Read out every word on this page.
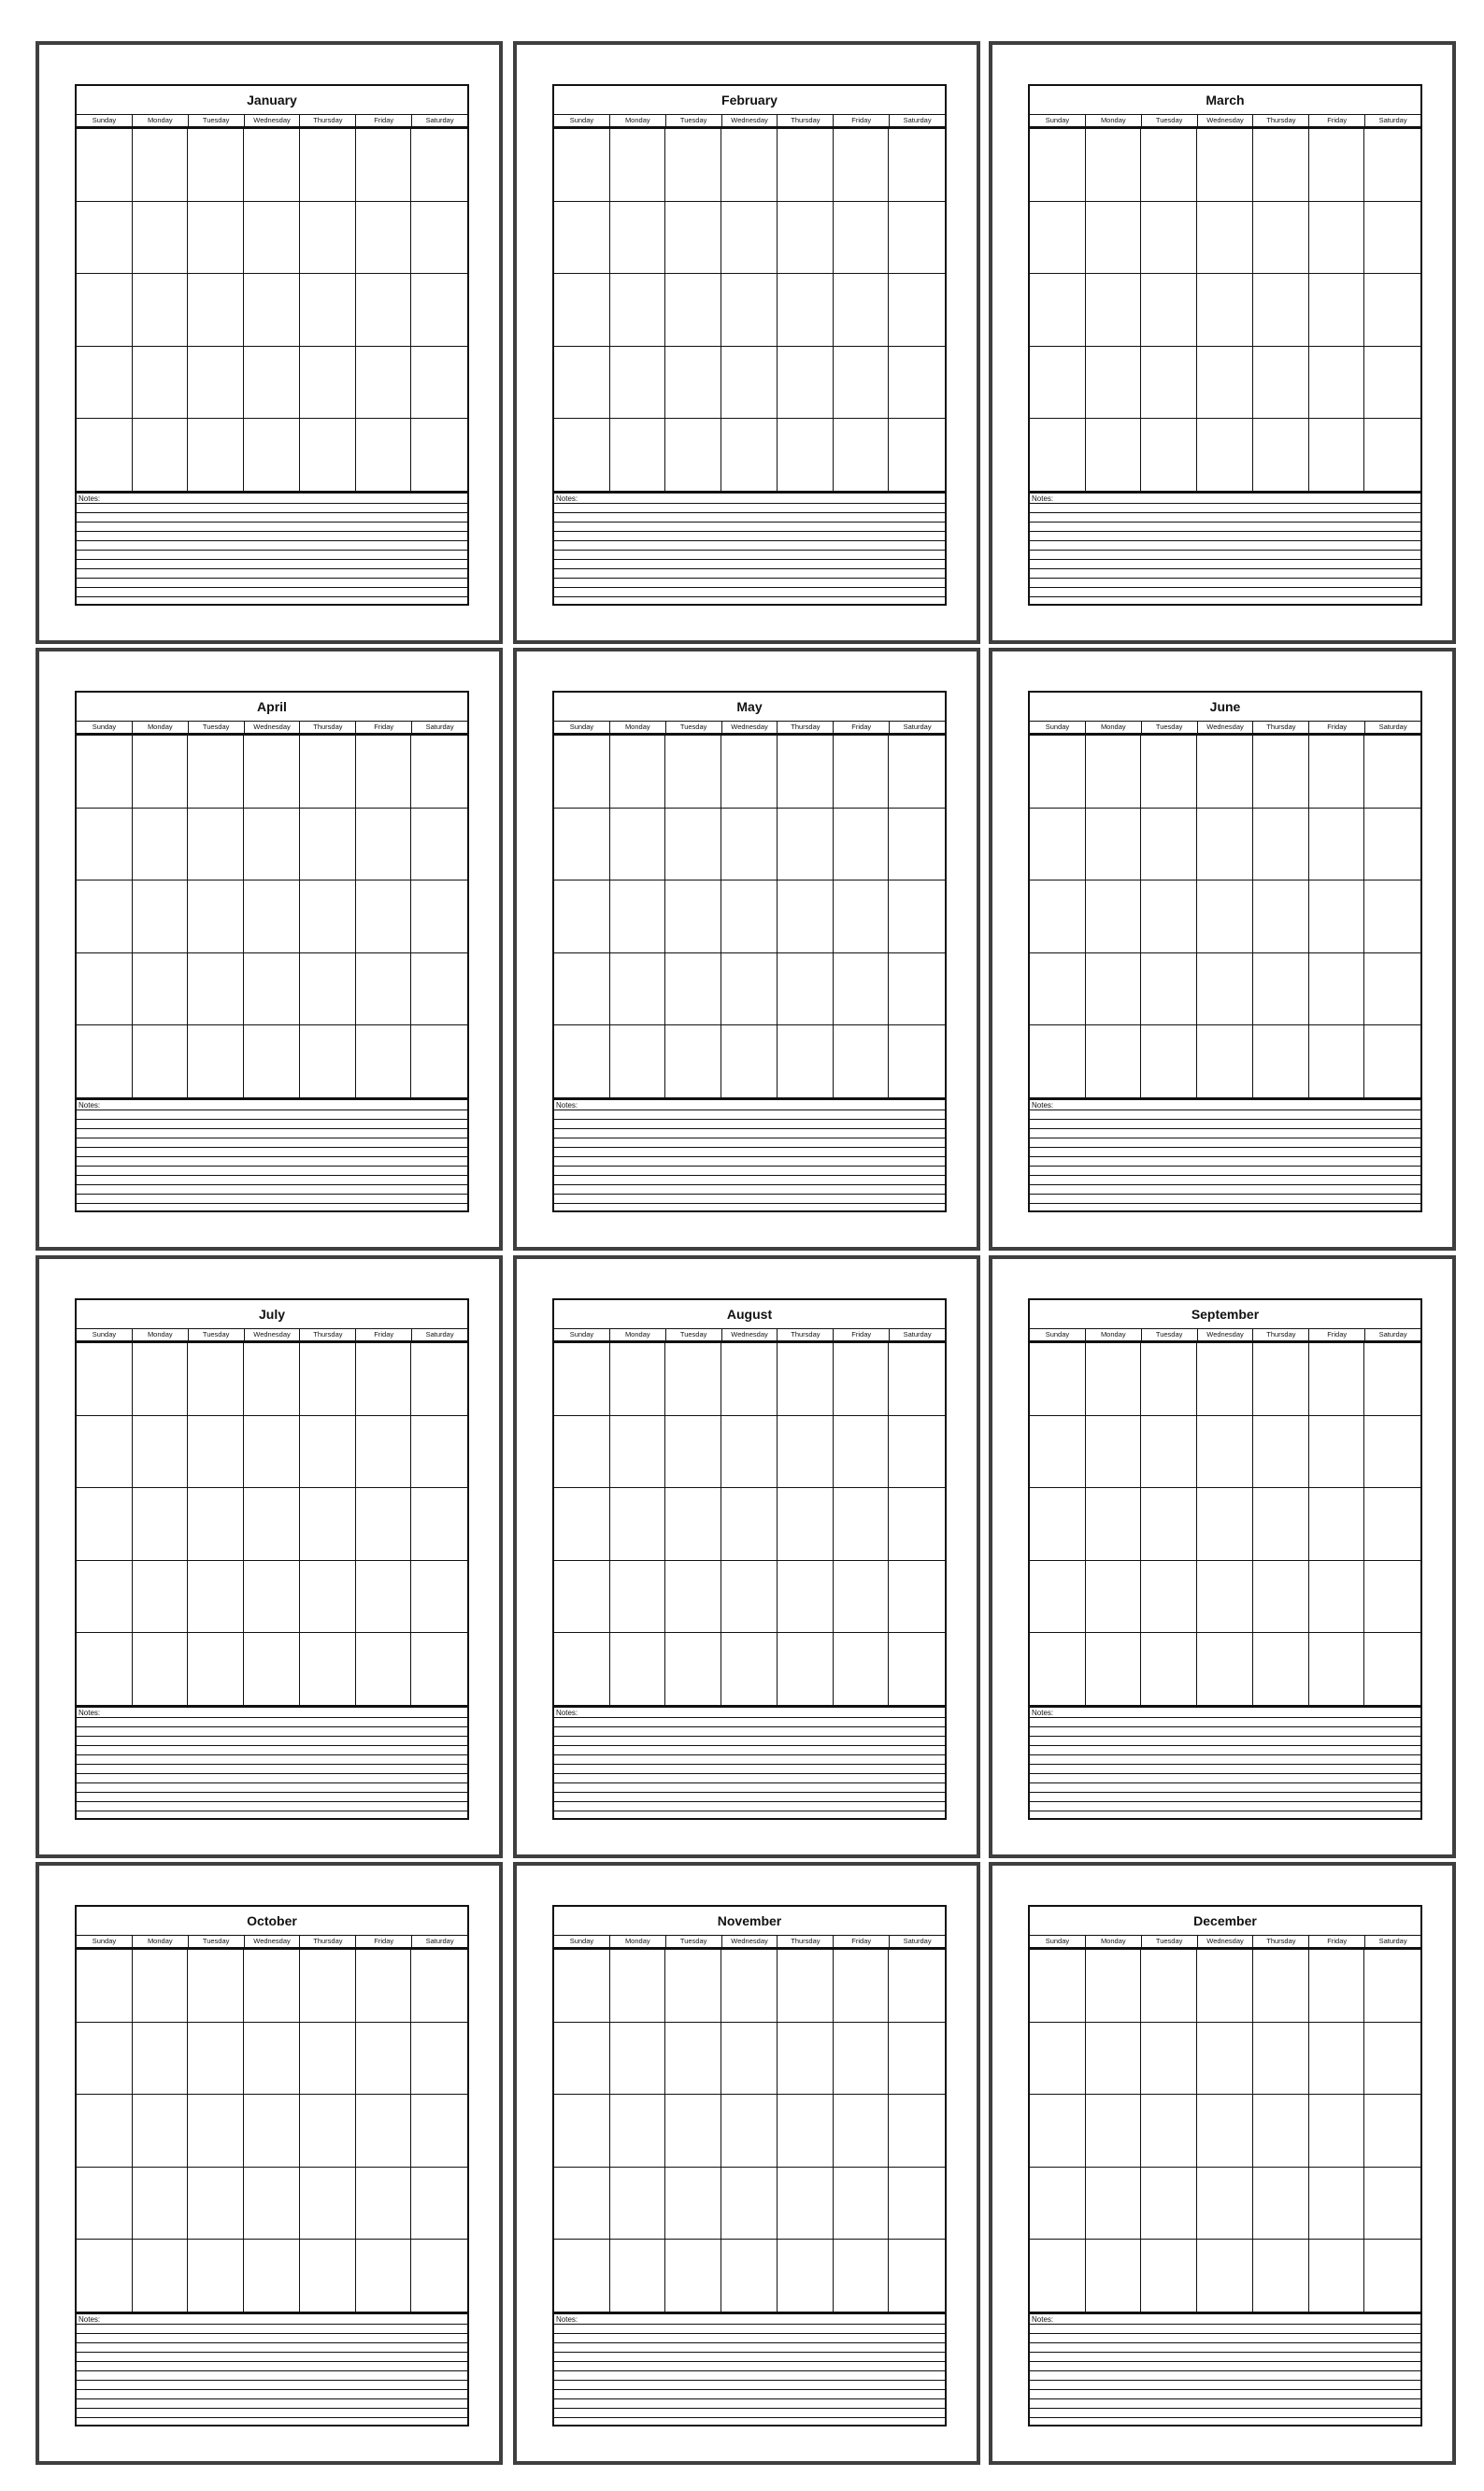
January
Sunday	Monday	Tuesday	Wednesday	Thursday	Friday	Saturday
Notes:
February
Sunday	Monday	Tuesday	Wednesday	Thursday	Friday	Saturday
Notes:
March
Sunday	Monday	Tuesday	Wednesday	Thursday	Friday	Saturday
Notes:
April
Sunday	Monday	Tuesday	Wednesday	Thursday	Friday	Saturday
Notes:
May
Sunday	Monday	Tuesday	Wednesday	Thursday	Friday	Saturday
Notes:
June
Sunday	Monday	Tuesday	Wednesday	Thursday	Friday	Saturday
Notes:
July
Sunday	Monday	Tuesday	Wednesday	Thursday	Friday	Saturday
Notes:
August
Sunday	Monday	Tuesday	Wednesday	Thursday	Friday	Saturday
Notes:
September
Sunday	Monday	Tuesday	Wednesday	Thursday	Friday	Saturday
Notes:
October
Sunday	Monday	Tuesday	Wednesday	Thursday	Friday	Saturday
Notes:
November
Sunday	Monday	Tuesday	Wednesday	Thursday	Friday	Saturday
Notes:
December
Sunday	Monday	Tuesday	Wednesday	Thursday	Friday	Saturday
Notes:
